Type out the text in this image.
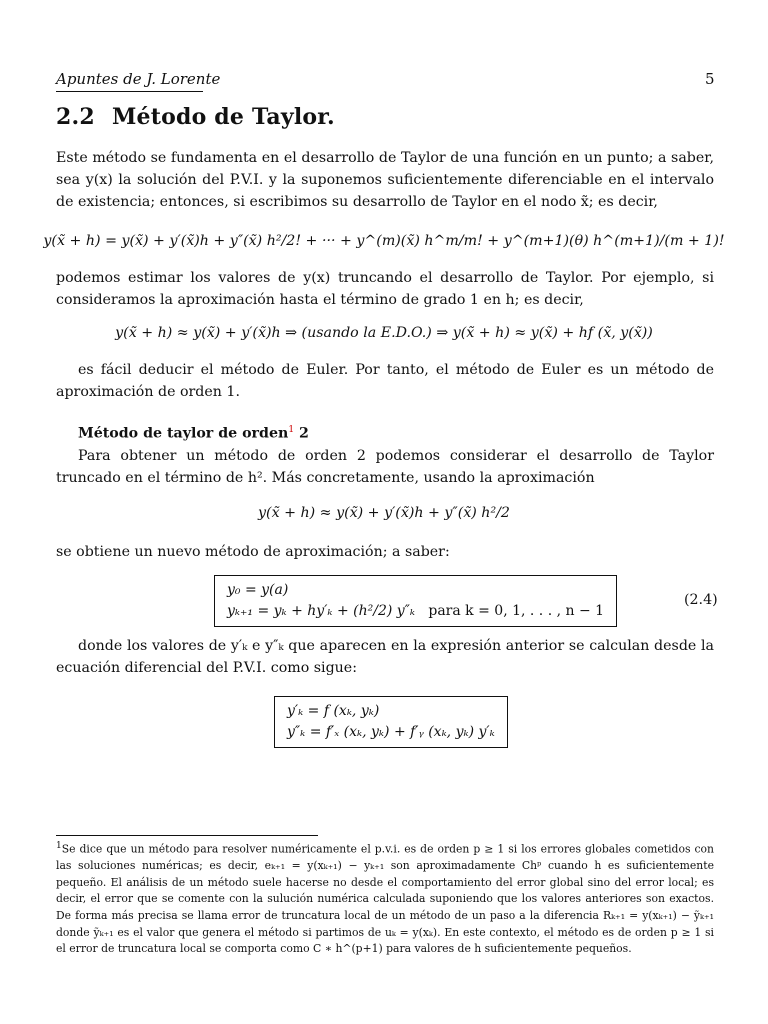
Apuntes de J. Lorente	5
2.2 Método de Taylor.
Este método se fundamenta en el desarrollo de Taylor de una función en un punto; a saber, sea y(x) la solución del P.V.I. y la suponemos suficientemente diferenciable en el intervalo de existencia; entonces, si escribimos su desarrollo de Taylor en el nodo x̃; es decir,
y(x̃ + h) = y(x̃) + y′(x̃)h + y″(x̃) h²/2! + ··· + y^(m)(x̃) h^m/m! + y^(m+1)(θ) h^(m+1)/(m + 1)!
podemos estimar los valores de y(x) truncando el desarrollo de Taylor. Por ejemplo, si consideramos la aproximación hasta el término de grado 1 en h; es decir,
y(x̃ + h) ≈ y(x̃) + y′(x̃)h ⇒ (usando la E.D.O.) ⇒ y(x̃ + h) ≈ y(x̃) + hf (x̃, y(x̃))
es fácil deducir el método de Euler. Por tanto, el método de Euler es un método de aproximación de orden 1.
Método de taylor de orden$^1$ 2
Para obtener un método de orden 2 podemos considerar el desarrollo de Taylor truncado en el término de h². Más concretamente, usando la aproximación
y(x̃ + h) ≈ y(x̃) + y′(x̃)h + y″(x̃) h²/2
se obtiene un nuevo método de aproximación; a saber:
y₀ = y(a)
yₖ₊₁ = yₖ + hy′ₖ + (h²/2) y″ₖ para k = 0, 1, . . . , n − 1
(2.4)
donde los valores de y′ₖ e y″ₖ que aparecen en la expresión anterior se calculan desde la ecuación diferencial del P.V.I. como sigue:
y′ₖ = f (xₖ, yₖ)
y″ₖ = f′ₓ (xₖ, yₖ) + f′ᵧ (xₖ, yₖ) y′ₖ
$^1$Se dice que un método para resolver numéricamente el p.v.i. es de orden p ≥ 1 si los errores globales cometidos con las soluciones numéricas; es decir, eₖ₊₁ = y(xₖ₊₁) − yₖ₊₁ son aproximadamente Chᵖ cuando h es suficientemente pequeño. El análisis de un método suele hacerse no desde el comportamiento del error global sino del error local; es decir, el error que se comente con la sulución numérica calculada suponiendo que los valores anteriores son exactos. De forma más precisa se llama error de truncatura local de un método de un paso a la diferencia Rₖ₊₁ = y(xₖ₊₁) − ỹₖ₊₁ donde ỹₖ₊₁ es el valor que genera el método si partimos de uₖ = y(xₖ). En este contexto, el método es de orden p ≥ 1 si el error de truncatura local se comporta como C ∗ h^(p+1) para valores de h suficientemente pequeños.
